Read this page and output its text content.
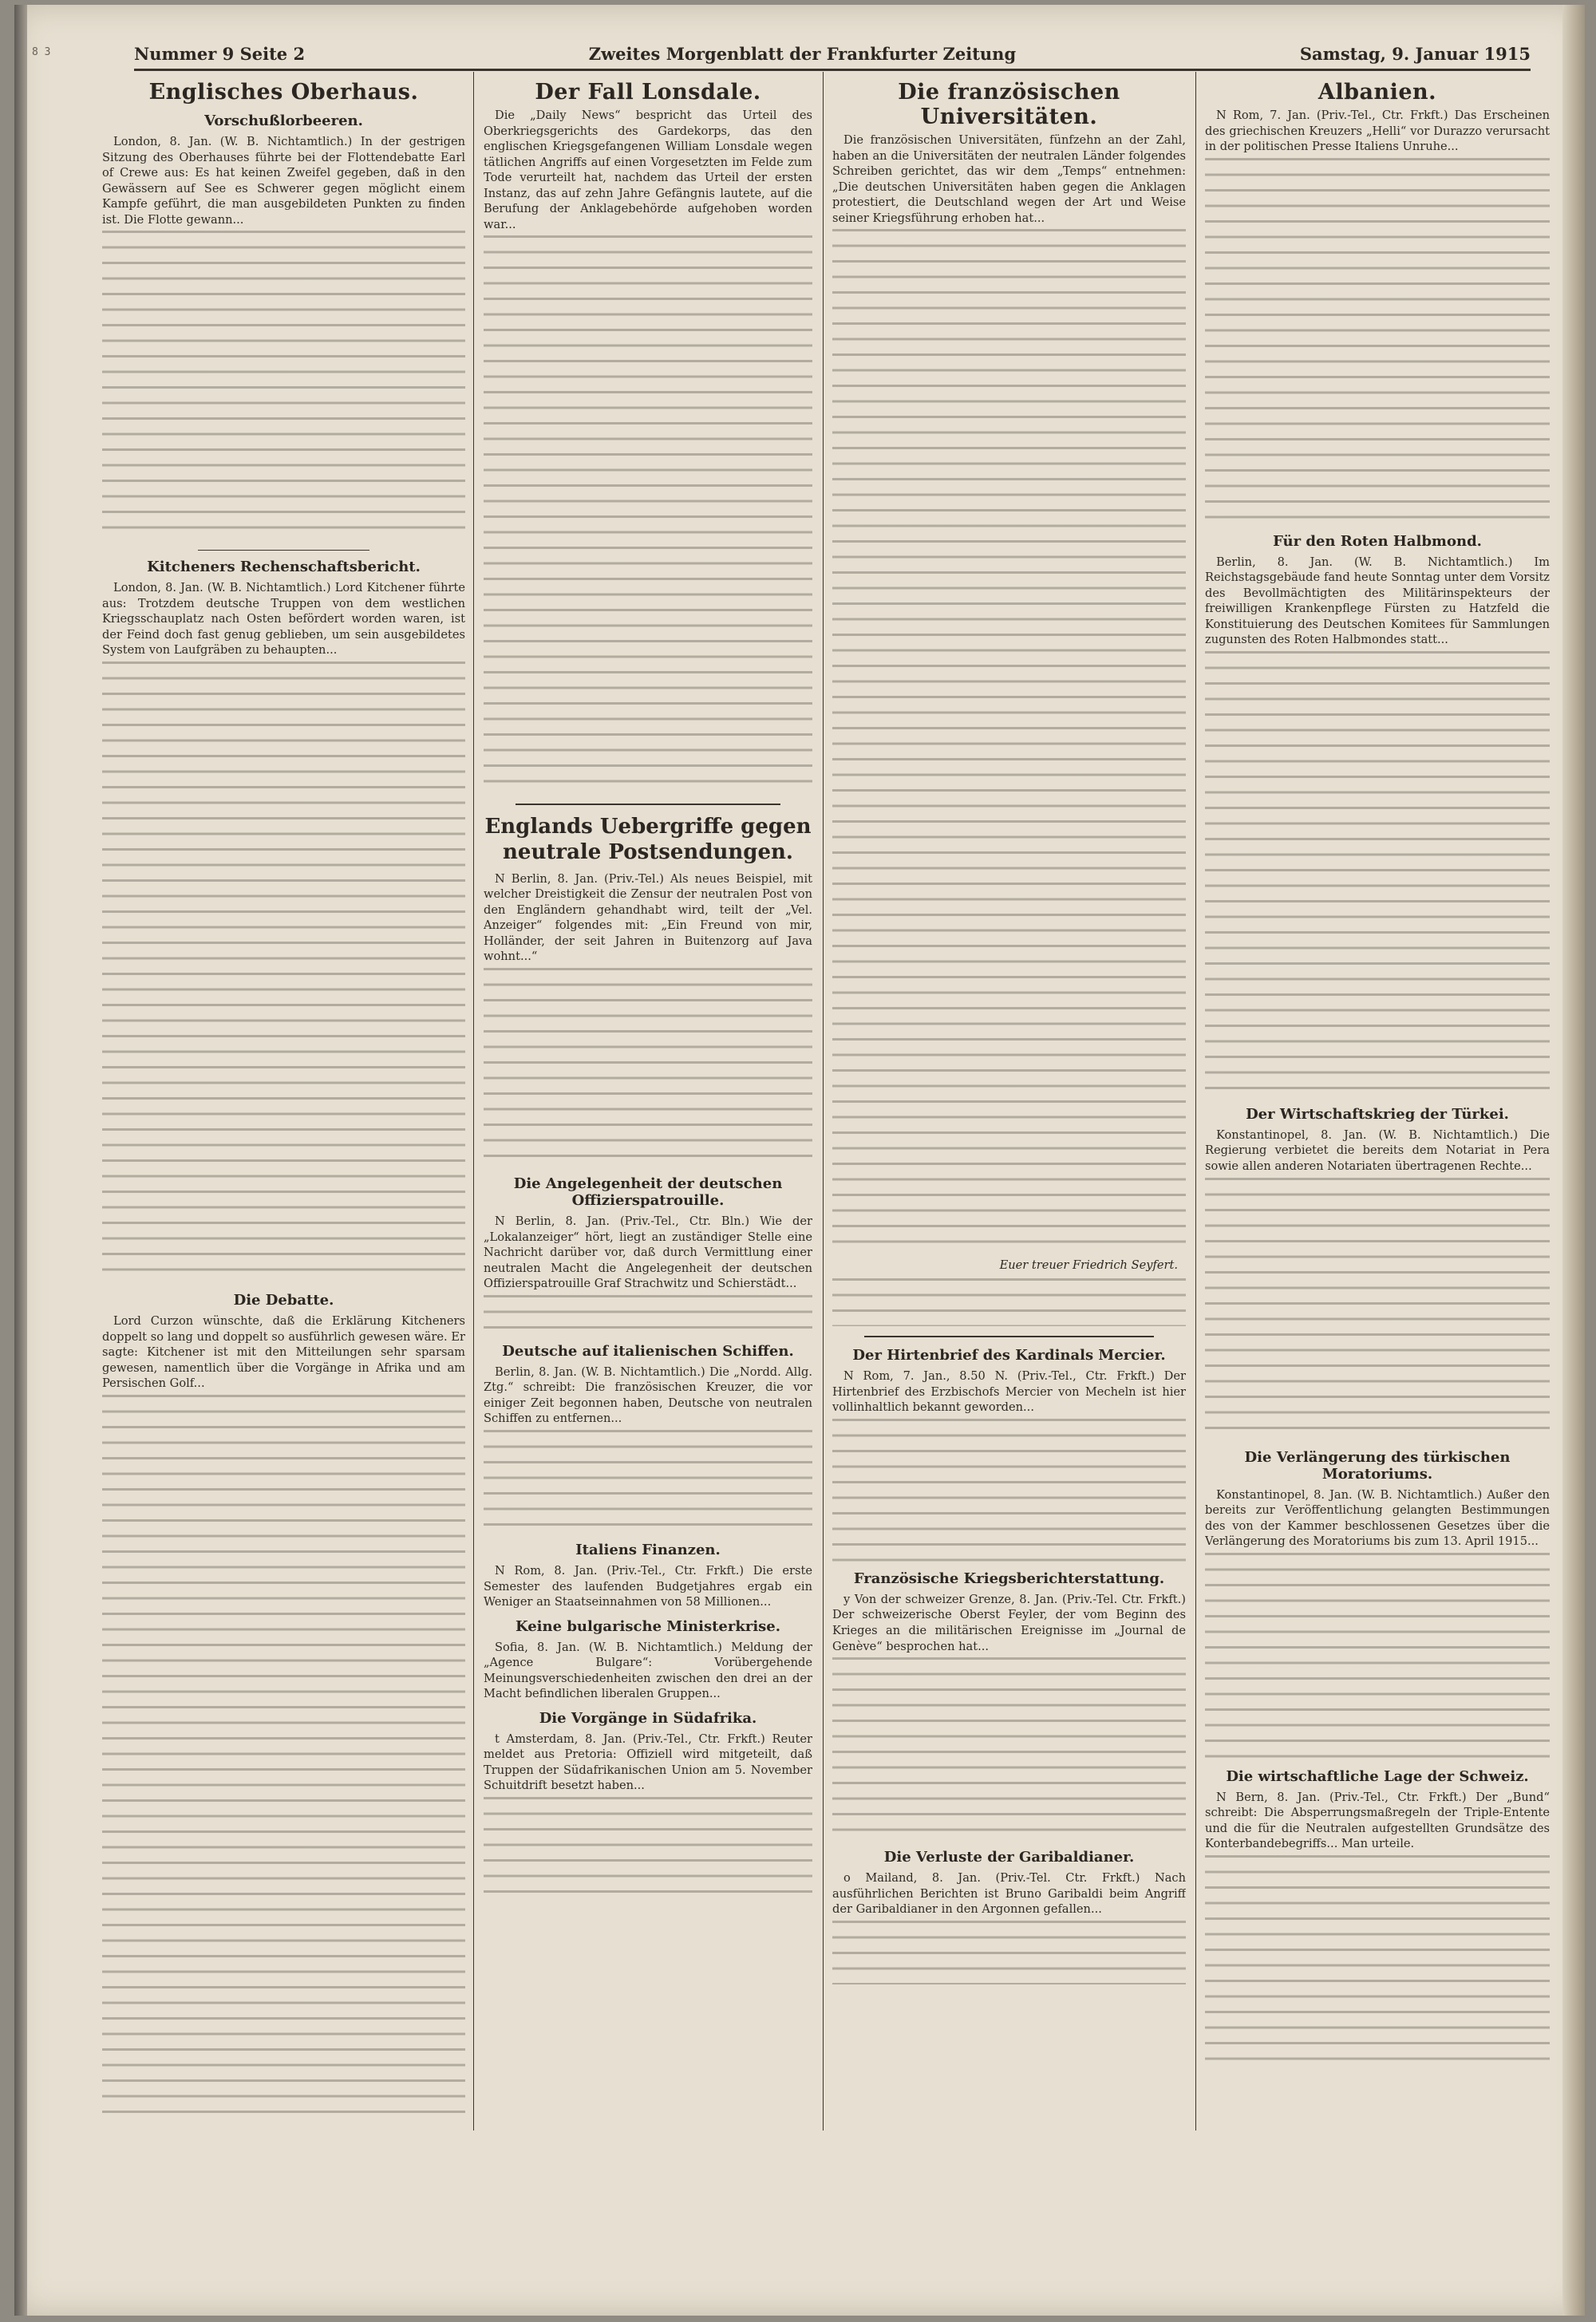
8 3	Nummer 9 Seite 2	Zweites Morgenblatt der Frankfurter Zeitung	Samstag, 9. Januar 1915
Englisches Oberhaus.
Vorschußlorbeeren.

London, 8. Jan. (W. B. Nichtamtlich.) In der gestrigen Sitzung des Oberhauses führte bei der Flottendebatte Earl of Crewe aus: Es hat keinen Zweifel gegeben, daß in den Gewässern auf See es Schwerer gegen möglicht einem Kampfe geführt, die man ausgebildeten Punkten zu finden ist. Die Flotte gewann...

Kitcheners Rechenschaftsbericht.

London, 8. Jan. (W. B. Nichtamtlich.) Lord Kitchener führte aus: Trotzdem deutsche Truppen von dem westlichen Kriegsschauplatz nach Osten befördert worden waren, ist der Feind doch fast genug geblieben, um sein ausgebildetes System von Laufgräben zu behaupten...

Die Debatte.

Lord Curzon wünschte, daß die Erklärung Kitcheners doppelt so lang und doppelt so ausführlich gewesen wäre. Er sagte: Kitchener ist mit den Mitteilungen sehr sparsam gewesen, namentlich über die Vorgänge in Afrika und am Persischen Golf...

Der Fall Lonsdale.

Die „Daily News“ bespricht das Urteil des Oberkriegsgerichts des Gardekorps, das den englischen Kriegsgefangenen William Lonsdale wegen tätlichen Angriffs auf einen Vorgesetzten im Felde zum Tode verurteilt hat, nachdem das Urteil der ersten Instanz, das auf zehn Jahre Gefängnis lautete, auf die Berufung der Anklagebehörde aufgehoben worden war...

Englands Uebergriffe gegen neutrale Postsendungen.

N Berlin, 8. Jan. (Priv.-Tel.) Als neues Beispiel, mit welcher Dreistigkeit die Zensur der neutralen Post von den Engländern gehandhabt wird, teilt der „Vel. Anzeiger“ folgendes mit: „Ein Freund von mir, Holländer, der seit Jahren in Buitenzorg auf Java wohnt...“

Die Angelegenheit der deutschen Offizierspatrouille.

N Berlin, 8. Jan. (Priv.-Tel., Ctr. Bln.) Wie der „Lokalanzeiger“ hört, liegt an zuständiger Stelle eine Nachricht darüber vor, daß durch Vermittlung einer neutralen Macht die Angelegenheit der deutschen Offizierspatrouille Graf Strachwitz und Schierstädt...

Deutsche auf italienischen Schiffen.

Berlin, 8. Jan. (W. B. Nichtamtlich.) Die „Nordd. Allg. Ztg.“ schreibt: Die französischen Kreuzer, die vor einiger Zeit begonnen haben, Deutsche von neutralen Schiffen zu entfernen...

Italiens Finanzen.

N Rom, 8. Jan. (Priv.-Tel., Ctr. Frkft.) Die erste Semester des laufenden Budgetjahres ergab ein Weniger an Staatseinnahmen von 58 Millionen...

Keine bulgarische Ministerkrise.

Sofia, 8. Jan. (W. B. Nichtamtlich.) Meldung der „Agence Bulgare“: Vorübergehende Meinungsverschiedenheiten zwischen den drei an der Macht befindlichen liberalen Gruppen...

Die Vorgänge in Südafrika.

t Amsterdam, 8. Jan. (Priv.-Tel., Ctr. Frkft.) Reuter meldet aus Pretoria: Offiziell wird mitgeteilt, daß Truppen der Südafrikanischen Union am 5. November Schuitdrift besetzt haben...

Die französischen Universitäten.

Die französischen Universitäten, fünfzehn an der Zahl, haben an die Universitäten der neutralen Länder folgendes Schreiben gerichtet, das wir dem „Temps“ entnehmen: „Die deutschen Universitäten haben gegen die Anklagen protestiert, die Deutschland wegen der Art und Weise seiner Kriegsführung erhoben hat...

Euer treuer Friedrich Seyfert.
Der Hirtenbrief des Kardinals Mercier.

N Rom, 7. Jan., 8.50 N. (Priv.-Tel., Ctr. Frkft.) Der Hirtenbrief des Erzbischofs Mercier von Mecheln ist hier vollinhaltlich bekannt geworden...

Französische Kriegsberichterstattung.

y Von der schweizer Grenze, 8. Jan. (Priv.-Tel. Ctr. Frkft.) Der schweizerische Oberst Feyler, der vom Beginn des Krieges an die militärischen Ereignisse im „Journal de Genève“ besprochen hat...

Die Verluste der Garibaldianer.

o Mailand, 8. Jan. (Priv.-Tel. Ctr. Frkft.) Nach ausführlichen Berichten ist Bruno Garibaldi beim Angriff der Garibaldianer in den Argonnen gefallen...

Albanien.

N Rom, 7. Jan. (Priv.-Tel., Ctr. Frkft.) Das Erscheinen des griechischen Kreuzers „Helli“ vor Durazzo verursacht in der politischen Presse Italiens Unruhe...

Für den Roten Halbmond.

Berlin, 8. Jan. (W. B. Nichtamtlich.) Im Reichstagsgebäude fand heute Sonntag unter dem Vorsitz des Bevollmächtigten des Militärinspekteurs der freiwilligen Krankenpflege Fürsten zu Hatzfeld die Konstituierung des Deutschen Komitees für Sammlungen zugunsten des Roten Halbmondes statt...

Der Wirtschaftskrieg der Türkei.

Konstantinopel, 8. Jan. (W. B. Nichtamtlich.) Die Regierung verbietet die bereits dem Notariat in Pera sowie allen anderen Notariaten übertragenen Rechte...

Die Verlängerung des türkischen Moratoriums.

Konstantinopel, 8. Jan. (W. B. Nichtamtlich.) Außer den bereits zur Veröffentlichung gelangten Bestimmungen des von der Kammer beschlossenen Gesetzes über die Verlängerung des Moratoriums bis zum 13. April 1915...

Die wirtschaftliche Lage der Schweiz.

N Bern, 8. Jan. (Priv.-Tel., Ctr. Frkft.) Der „Bund“ schreibt: Die Absperrungsmaßregeln der Triple-Entente und die für die Neutralen aufgestellten Grundsätze des Konterbandebegriffs... Man urteile.
